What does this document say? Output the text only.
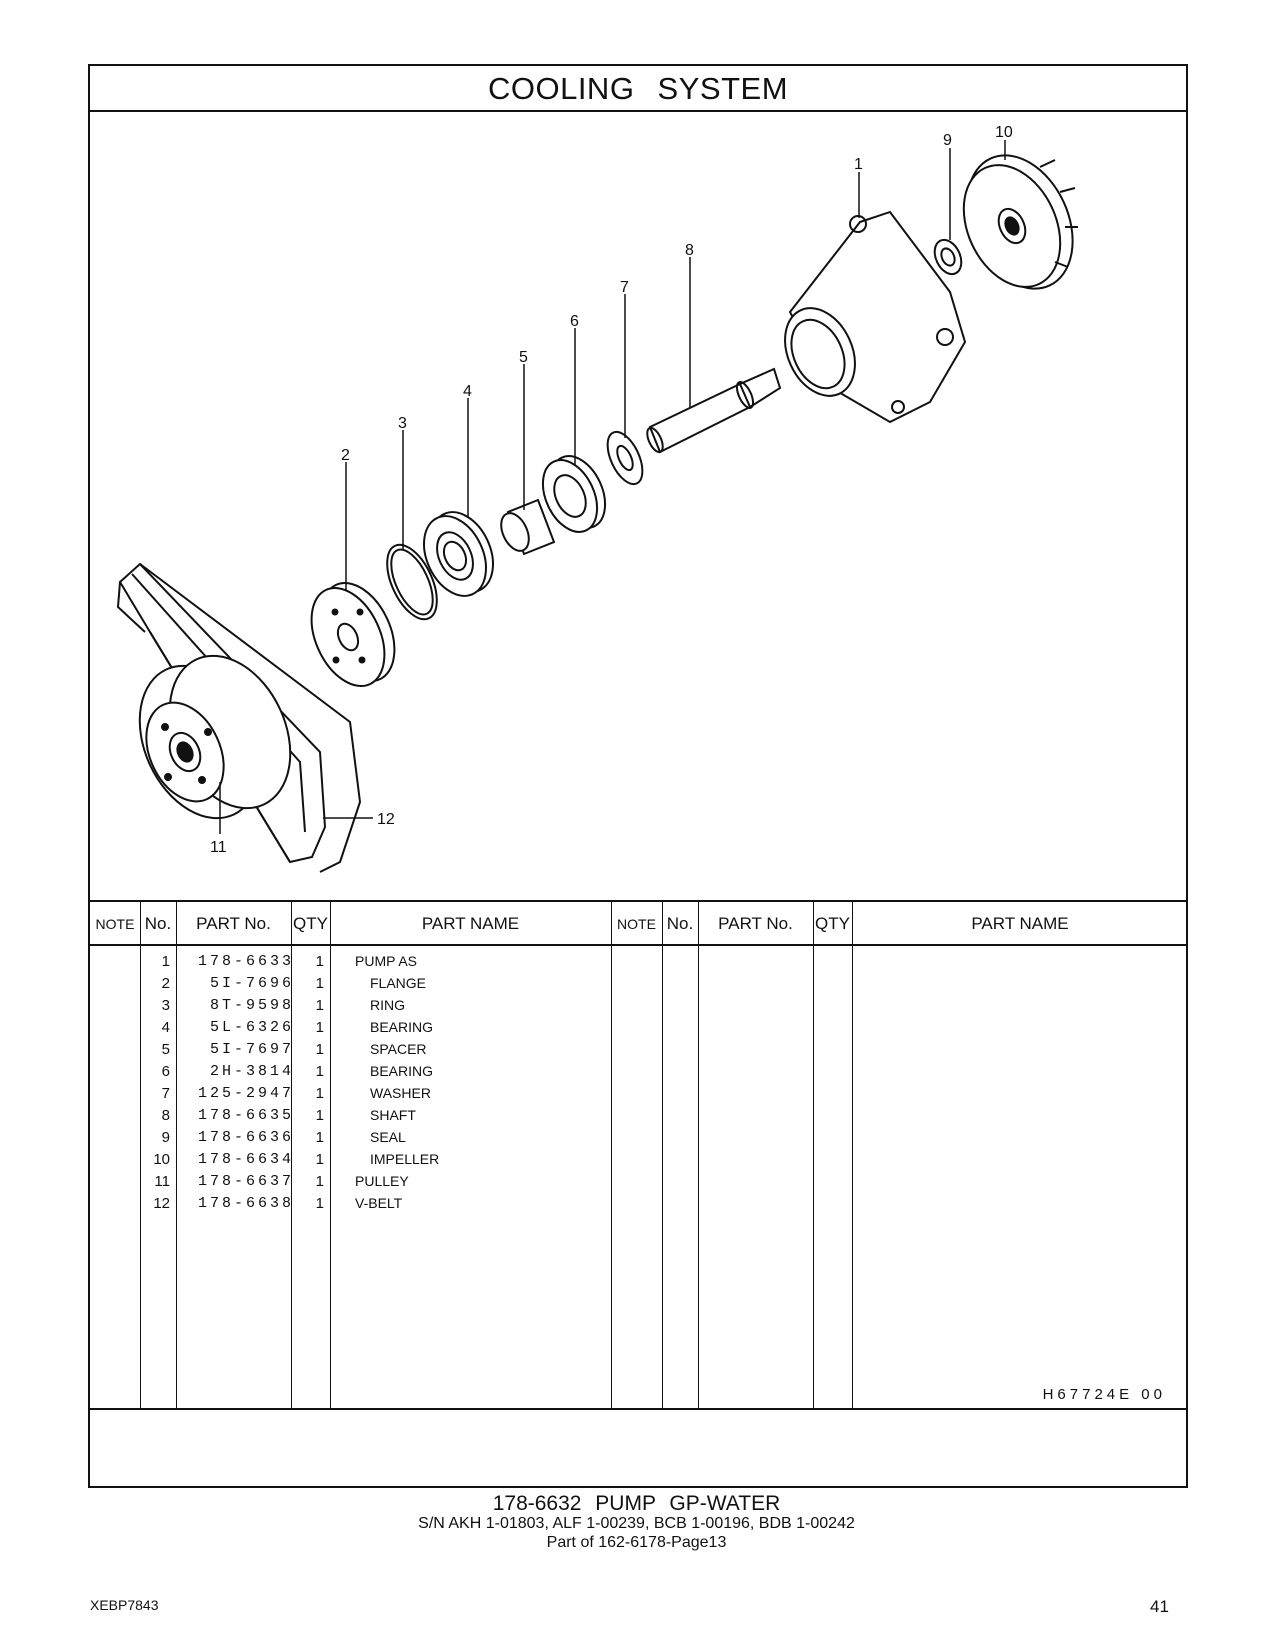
COOLING SYSTEM
1
2
3
4
5
6
7
8
9	10
11
12
NOTE No.	PART No.	QTY	PART NAME	NOTE No.	PART No.	QTY	PART NAME
1 178-6633	1 PUMP AS
2	5I-7696	1	FLANGE
3	8T-9598	1	RING
4	5L-6326	1	BEARING
5	5I-7697	1	SPACER
6	2H-3814	1	BEARING
7 125-2947	1	WASHER
8 178-6635	1	SHAFT
9 178-6636	1	SEAL
10 178-6634	1	IMPELLER
11 178-6637	1 PULLEY
12 178-6638	1 V-BELT
H67724E 00
178-6632 PUMP GP-WATER
S/N AKH 1-01803, ALF 1-00239, BCB 1-00196, BDB 1-00242
Part of 162-6178-Page13
XEBP7843	41
